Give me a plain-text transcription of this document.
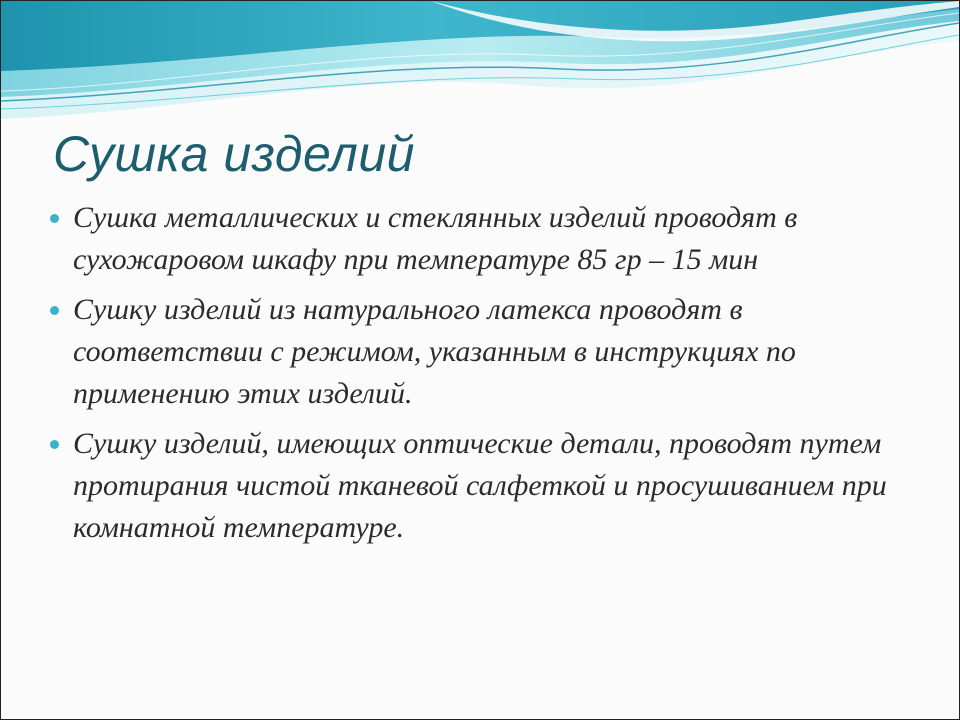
Сушка изделий
Сушка металлических и стеклянных изделий проводят в сухожаровом шкафу при температуре 85 гр – 15 мин
Сушку изделий из натурального латекса проводят в соответствии с режимом, указанным в инструкциях по применению этих изделий.
Сушку изделий, имеющих оптические детали, проводят путем протирания чистой тканевой салфеткой и просушиванием при комнатной температуре.
